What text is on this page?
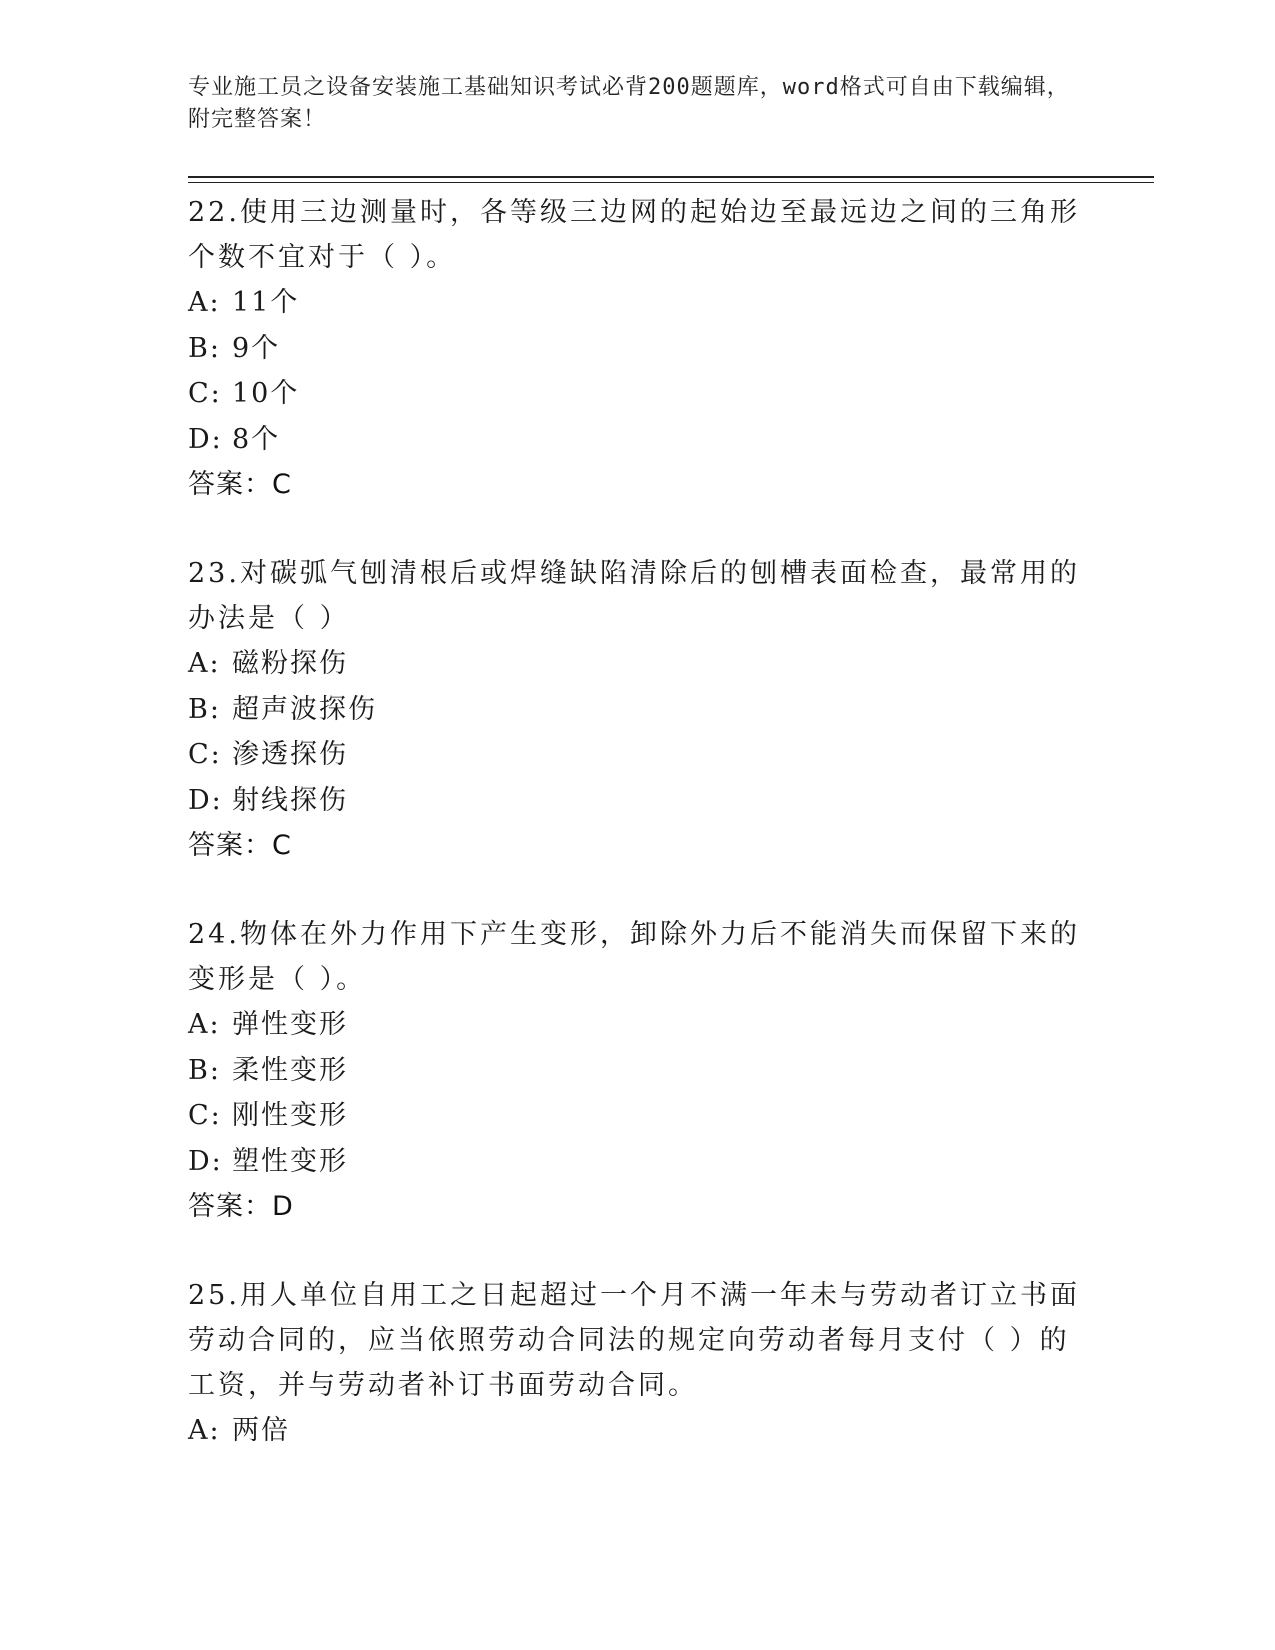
专业施工员之设备安装施工基础知识考试必背200题题库，word格式可自由下载编辑，附完整答案！
22.使用三边测量时，各等级三边网的起始边至最远边之间的三角形个数不宜对于（ ）。
A: 11个
B: 9个
C: 10个
D: 8个
答案：C
23.对碳弧气刨清根后或焊缝缺陷清除后的刨槽表面检查，最常用的办法是（ ）
A: 磁粉探伤
B: 超声波探伤
C: 渗透探伤
D: 射线探伤
答案：C
24.物体在外力作用下产生变形，卸除外力后不能消失而保留下来的变形是（ ）。
A: 弹性变形
B: 柔性变形
C: 刚性变形
D: 塑性变形
答案：D
25.用人单位自用工之日起超过一个月不满一年未与劳动者订立书面劳动合同的，应当依照劳动合同法的规定向劳动者每月支付（ ）的工资，并与劳动者补订书面劳动合同。
A: 两倍
